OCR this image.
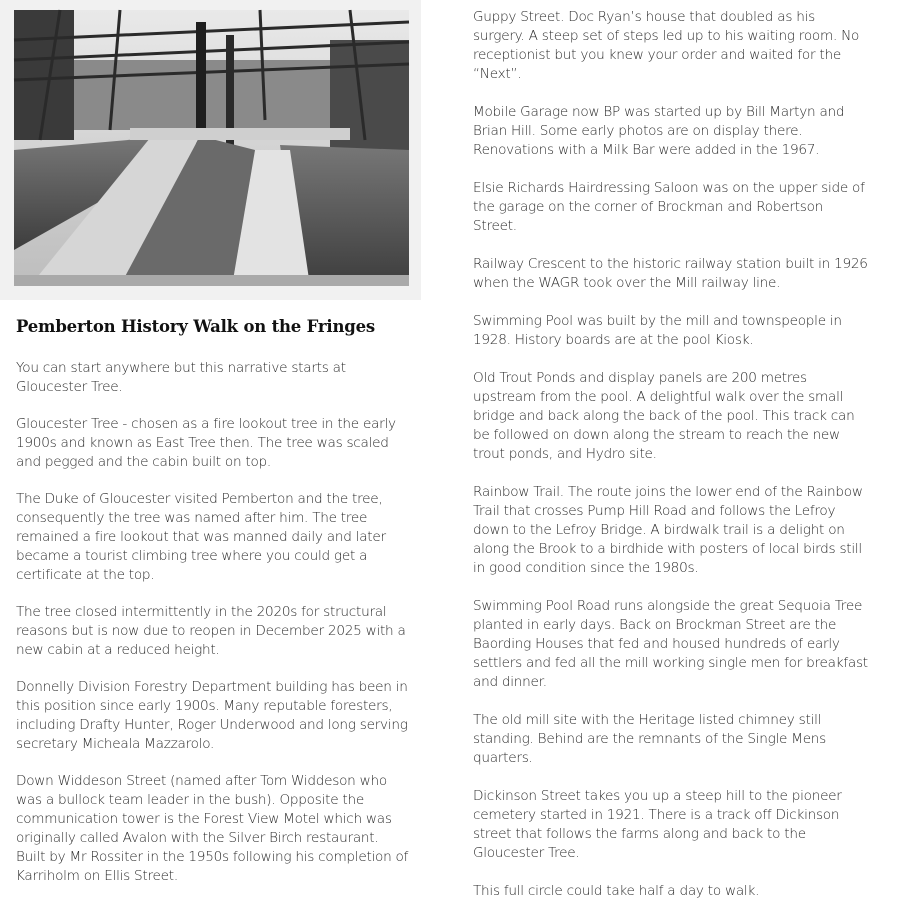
Pemberton History Walk on the Fringes

You can start anywhere but this narrative starts at Gloucester Tree.

Gloucester Tree - chosen as a fire lookout tree in the early 1900s and known as East Tree then. The tree was scaled and pegged and the cabin built on top.

The Duke of Gloucester visited Pemberton and the tree, consequently the tree was named after him. The tree remained a fire lookout that was manned daily and later became a tourist climbing tree where you could get a certificate at the top.

The tree closed intermittently in the 2020s for structural reasons but is now due to reopen in December 2025 with a new cabin at a reduced height.

Donnelly Division Forestry Department building has been in this position since early 1900s. Many reputable foresters, including Drafty Hunter, Roger Underwood and long serving secretary Micheala Mazzarolo.

Down Widdeson Street (named after Tom Widdeson who was a bullock team leader in the bush). Opposite the communication tower is the Forest View Motel which was originally called Avalon with the Silver Birch restaurant. Built by Mr Rossiter in the 1950s following his completion of Karriholm on Ellis Street.

Guppy Street. Doc Ryan’s house that doubled as his surgery. A steep set of steps led up to his waiting room. No receptionist but you knew your order and waited for the “Next”.

Mobile Garage now BP was started up by Bill Martyn and Brian Hill. Some early photos are on display there. Renovations with a Milk Bar were added in the 1967.

Elsie Richards Hairdressing Saloon was on the upper side of the garage on the corner of Brockman and Robertson Street.

Railway Crescent to the historic railway station built in 1926 when the WAGR took over the Mill railway line.

Swimming Pool was built by the mill and townspeople in 1928. History boards are at the pool Kiosk.

Old Trout Ponds and display panels are 200 metres upstream from the pool. A delightful walk over the small bridge and back along the back of the pool. This track can be followed on down along the stream to reach the new trout ponds, and Hydro site.

Rainbow Trail. The route joins the lower end of the Rainbow Trail that crosses Pump Hill Road and follows the Lefroy down to the Lefroy Bridge. A birdwalk trail is a delight on along the Brook to a birdhide with posters of local birds still in good condition since the 1980s.

Swimming Pool Road runs alongside the great Sequoia Tree planted in early days. Back on Brockman Street are the Baording Houses that fed and housed hundreds of early settlers and fed all the mill working single men for breakfast and dinner.

The old mill site with the Heritage listed chimney still standing. Behind are the remnants of the Single Mens quarters.

Dickinson Street takes you up a steep hill to the pioneer cemetery started in 1921. There is a track off Dickinson street that follows the farms along and back to the Gloucester Tree.

This full circle could take half a day to walk.
